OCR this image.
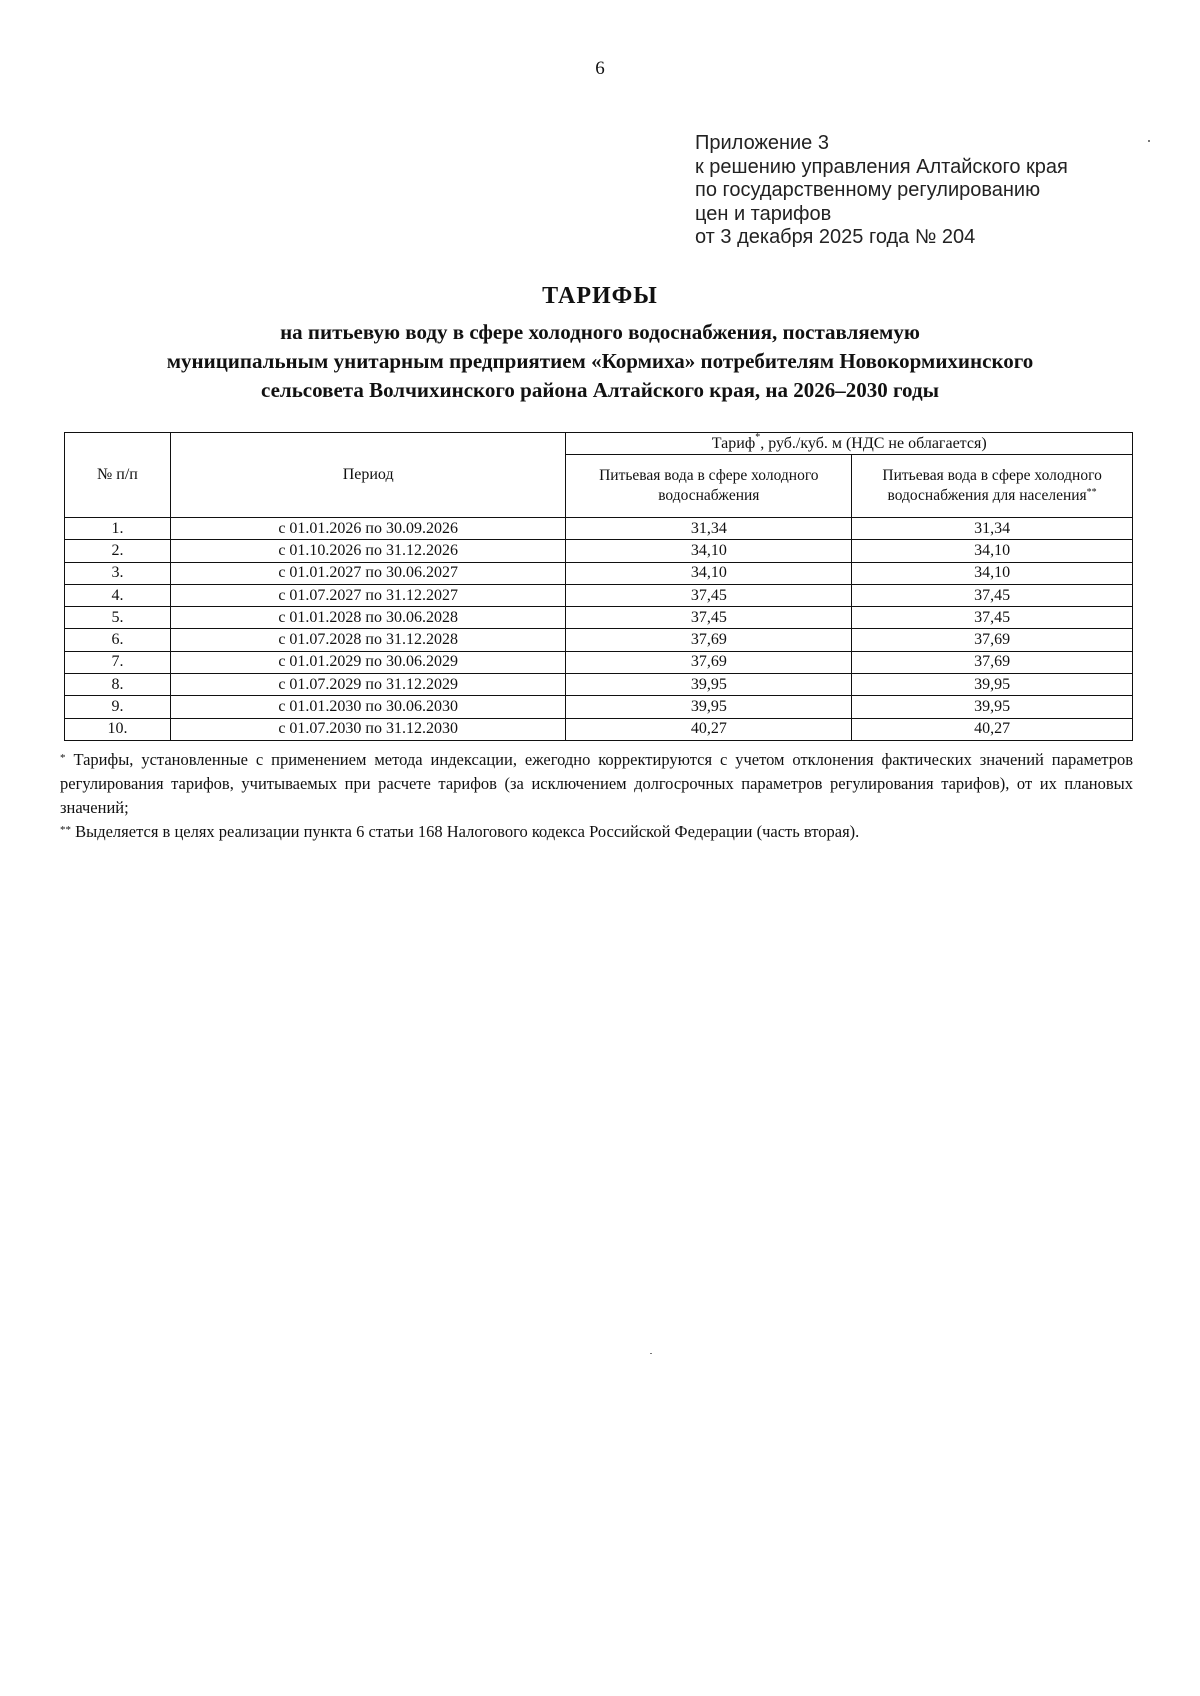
6
Приложение 3
к решению управления Алтайского края
по государственному регулированию
цен и тарифов
от 3 декабря 2025 года № 204
ТАРИФЫ
на питьевую воду в сфере холодного водоснабжения, поставляемую
муниципальным унитарным предприятием «Кормиха» потребителям Новокормихинского
сельсовета Волчихинского района Алтайского края, на 2026–2030 годы
№ п/п	Период	Тариф*, руб./куб. м (НДС не облагается)	
		Питьевая вода в сфере холодного водоснабжения	Питьевая вода в сфере холодного водоснабжения для населения**
1.	с 01.01.2026 по 30.09.2026	31,34	31,34
2.	с 01.10.2026 по 31.12.2026	34,10	34,10
3.	с 01.01.2027 по 30.06.2027	34,10	34,10
4.	с 01.07.2027 по 31.12.2027	37,45	37,45
5.	с 01.01.2028 по 30.06.2028	37,45	37,45
6.	с 01.07.2028 по 31.12.2028	37,69	37,69
7.	с 01.01.2029 по 30.06.2029	37,69	37,69
8.	с 01.07.2029 по 31.12.2029	39,95	39,95
9.	с 01.01.2030 по 30.06.2030	39,95	39,95
10.	с 01.07.2030 по 31.12.2030	40,27	40,27

* Тарифы, установленные с применением метода индексации, ежегодно корректируются с учетом отклонения фактических значений параметров регулирования тарифов, учитываемых при расчете тарифов (за исключением долгосрочных параметров регулирования тарифов), от их плановых значений;

** Выделяется в целях реализации пункта 6 статьи 168 Налогового кодекса Российской Федерации (часть вторая).
